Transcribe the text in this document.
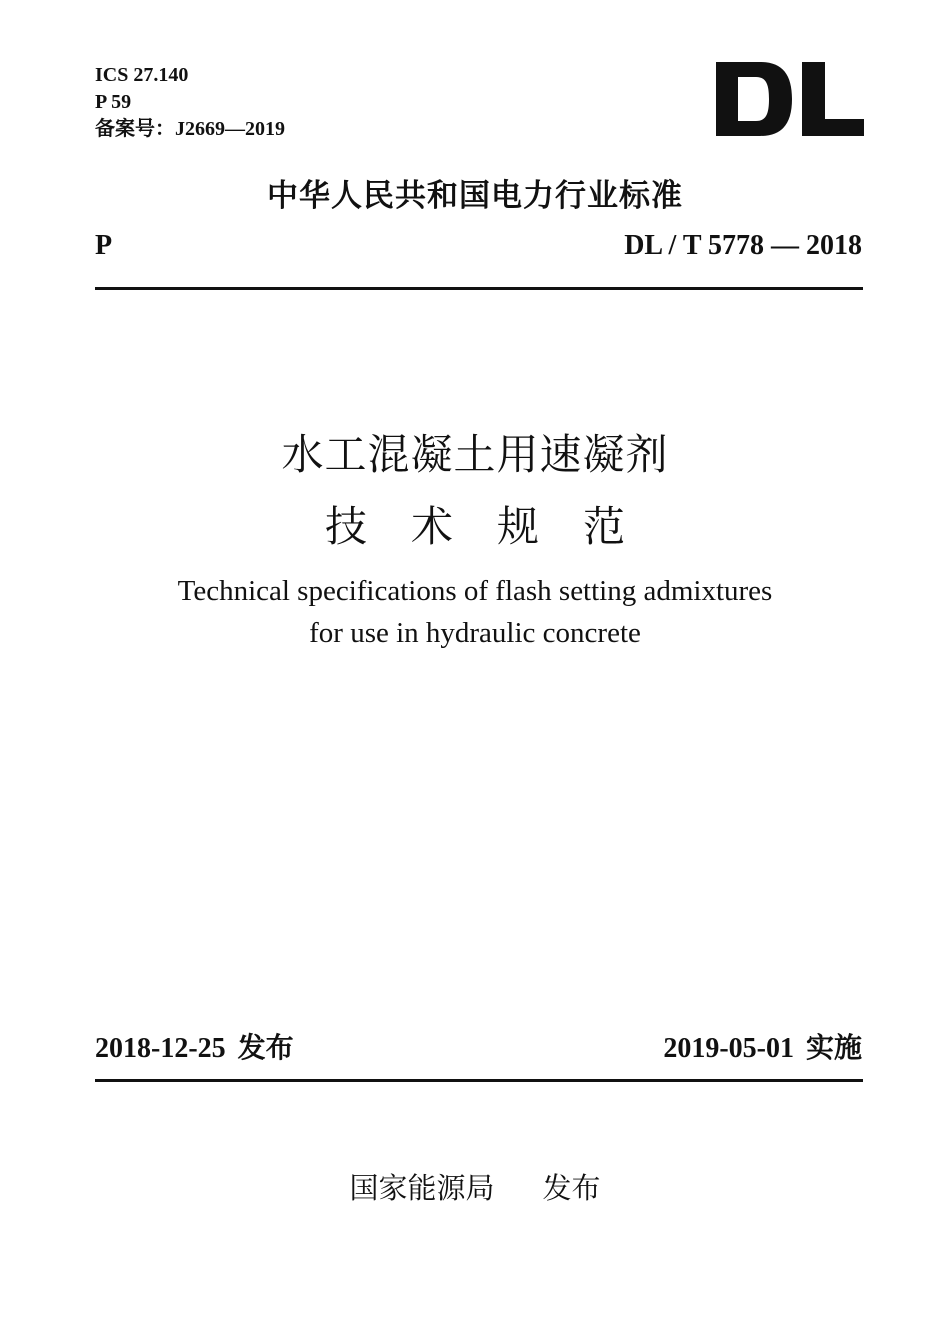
ICS 27.140
P 59
备案号：J2669—2019
中华人民共和国电力行业标准
P	DL / T 5778 — 2018
水工混凝土用速凝剂
技术规范
Technical specifications of flash setting admixtures
for use in hydraulic concrete
2018-12-25 发布	2019-05-01 实施
国家能源局 发布
